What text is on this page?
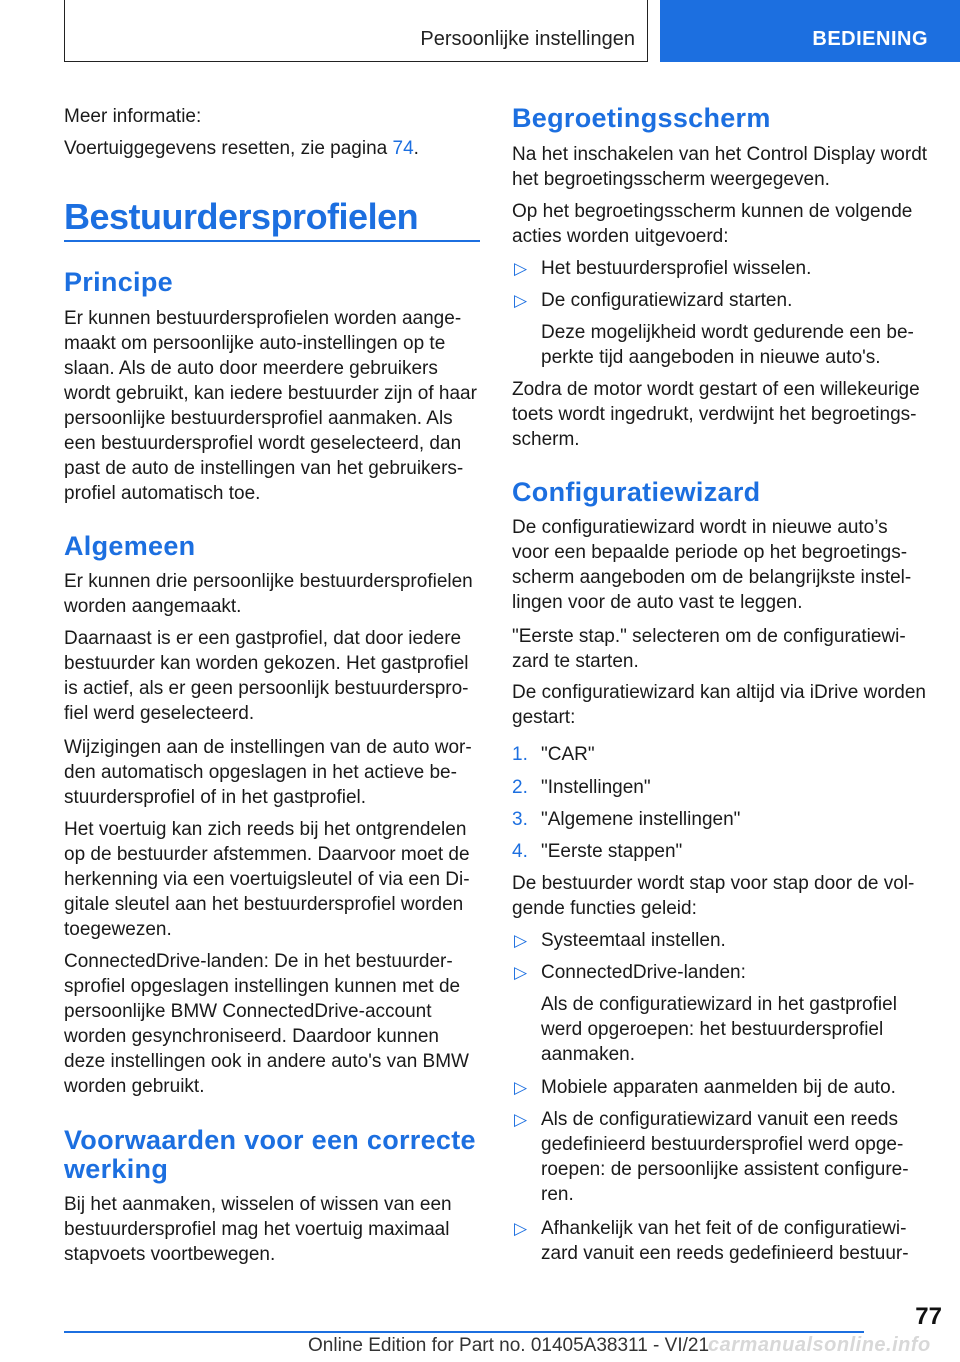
Persoonlijke instellingen	BEDIENING

Meer informatie:

Voertuiggegevens resetten, zie pagina 74.

Bestuurdersprofielen
Principe

Er kunnen bestuurdersprofielen worden aange-

maakt om persoonlijke auto-instellingen op te

slaan. Als de auto door meerdere gebruikers

wordt gebruikt, kan iedere bestuurder zijn of haar

persoonlijke bestuurdersprofiel aanmaken. Als

een bestuurdersprofiel wordt geselecteerd, dan

past de auto de instellingen van het gebruikers-

profiel automatisch toe.

Algemeen

Er kunnen drie persoonlijke bestuurdersprofielen

worden aangemaakt.

Daarnaast is er een gastprofiel, dat door iedere

bestuurder kan worden gekozen. Het gastprofiel

is actief, als er geen persoonlijk bestuurderspro-

fiel werd geselecteerd.

Wijzigingen aan de instellingen van de auto wor-

den automatisch opgeslagen in het actieve be-

stuurdersprofiel of in het gastprofiel.

Het voertuig kan zich reeds bij het ontgrendelen

op de bestuurder afstemmen. Daarvoor moet de

herkenning via een voertuigsleutel of via een Di-

gitale sleutel aan het bestuurdersprofiel worden

toegewezen.

ConnectedDrive-landen: De in het bestuurder-

sprofiel opgeslagen instellingen kunnen met de

persoonlijke BMW ConnectedDrive-account

worden gesynchroniseerd. Daardoor kunnen

deze instellingen ook in andere auto's van BMW

worden gebruikt.

Voorwaarden voor een correcte
werking

Bij het aanmaken, wisselen of wissen van een

bestuurdersprofiel mag het voertuig maximaal

stapvoets voortbewegen.

Begroetingsscherm

Na het inschakelen van het Control Display wordt

het begroetingsscherm weergegeven.

Op het begroetingsscherm kunnen de volgende

acties worden uitgevoerd:

▷ Het bestuurdersprofiel wisselen.

▷ De configuratiewizard starten.

Deze mogelijkheid wordt gedurende een be-

perkte tijd aangeboden in nieuwe auto's.

Zodra de motor wordt gestart of een willekeurige

toets wordt ingedrukt, verdwijnt het begroetings-

scherm.

Configuratiewizard

De configuratiewizard wordt in nieuwe auto’s

voor een bepaalde periode op het begroetings-

scherm aangeboden om de belangrijkste instel-

lingen voor de auto vast te leggen.

"Eerste stap." selecteren om de configuratiewi-

zard te starten.

De configuratiewizard kan altijd via iDrive worden

gestart:

1. "CAR"

2. "Instellingen"

3. "Algemene instellingen"

4. "Eerste stappen"

De bestuurder wordt stap voor stap door de vol-

gende functies geleid:

▷ Systeemtaal instellen.

▷ ConnectedDrive-landen:

Als de configuratiewizard in het gastprofiel

werd opgeroepen: het bestuurdersprofiel

aanmaken.

▷ Mobiele apparaten aanmelden bij de auto.

▷ Als de configuratiewizard vanuit een reeds

gedefinieerd bestuurdersprofiel werd opge-

roepen: de persoonlijke assistent configure-

ren.

▷ Afhankelijk van het feit of de configuratiewi-

zard vanuit een reeds gedefinieerd bestuur-

77
Online Edition for Part no. 01405A38311 - VI/21
carmanualsonline.info
